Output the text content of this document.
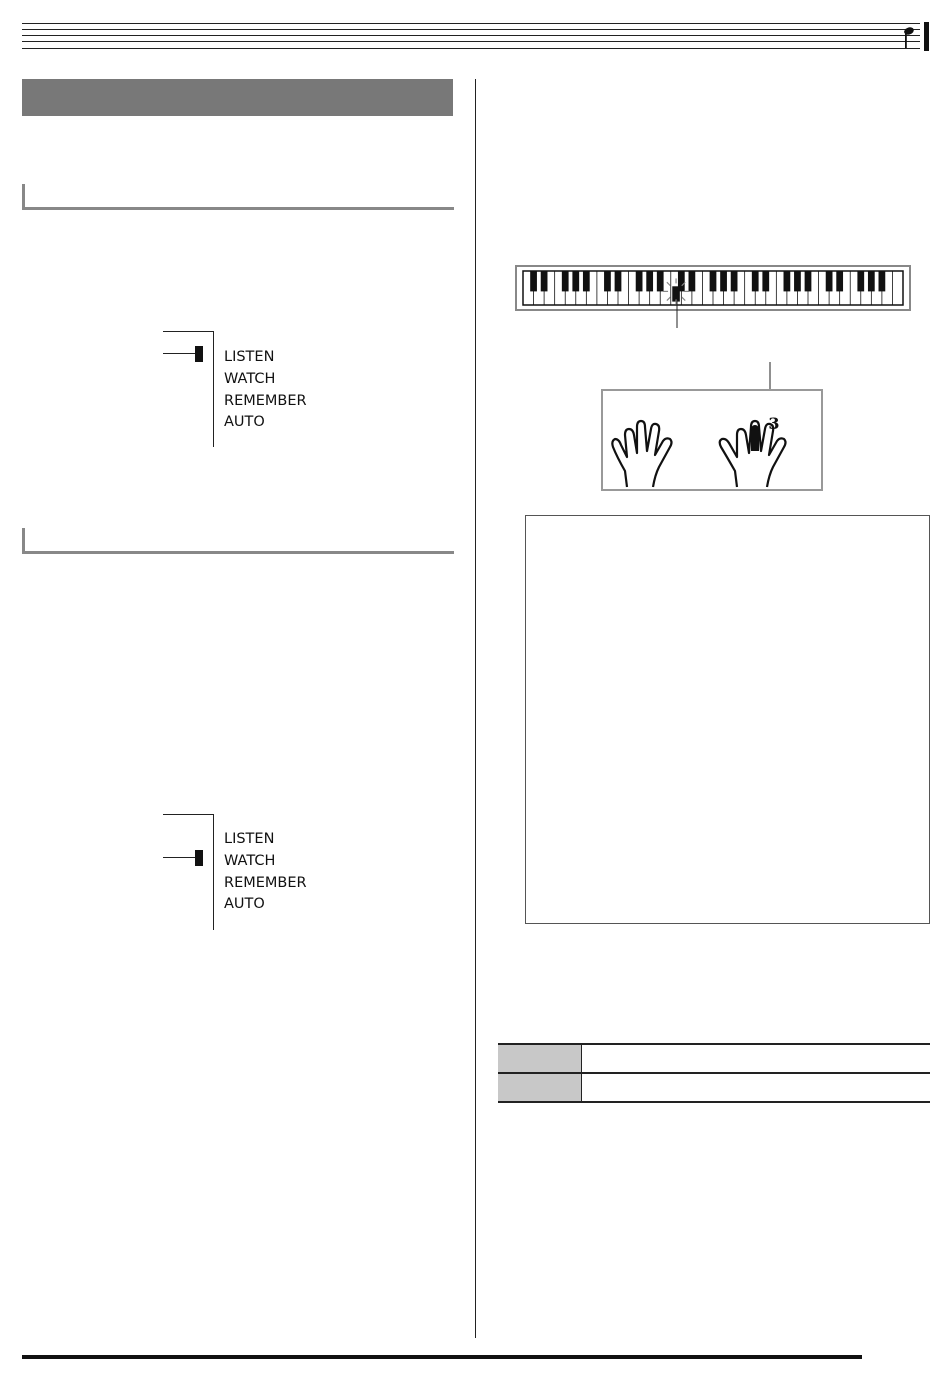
LISTEN
WATCH
REMEMBER
AUTO
LISTEN
WATCH
REMEMBER
AUTO
3
